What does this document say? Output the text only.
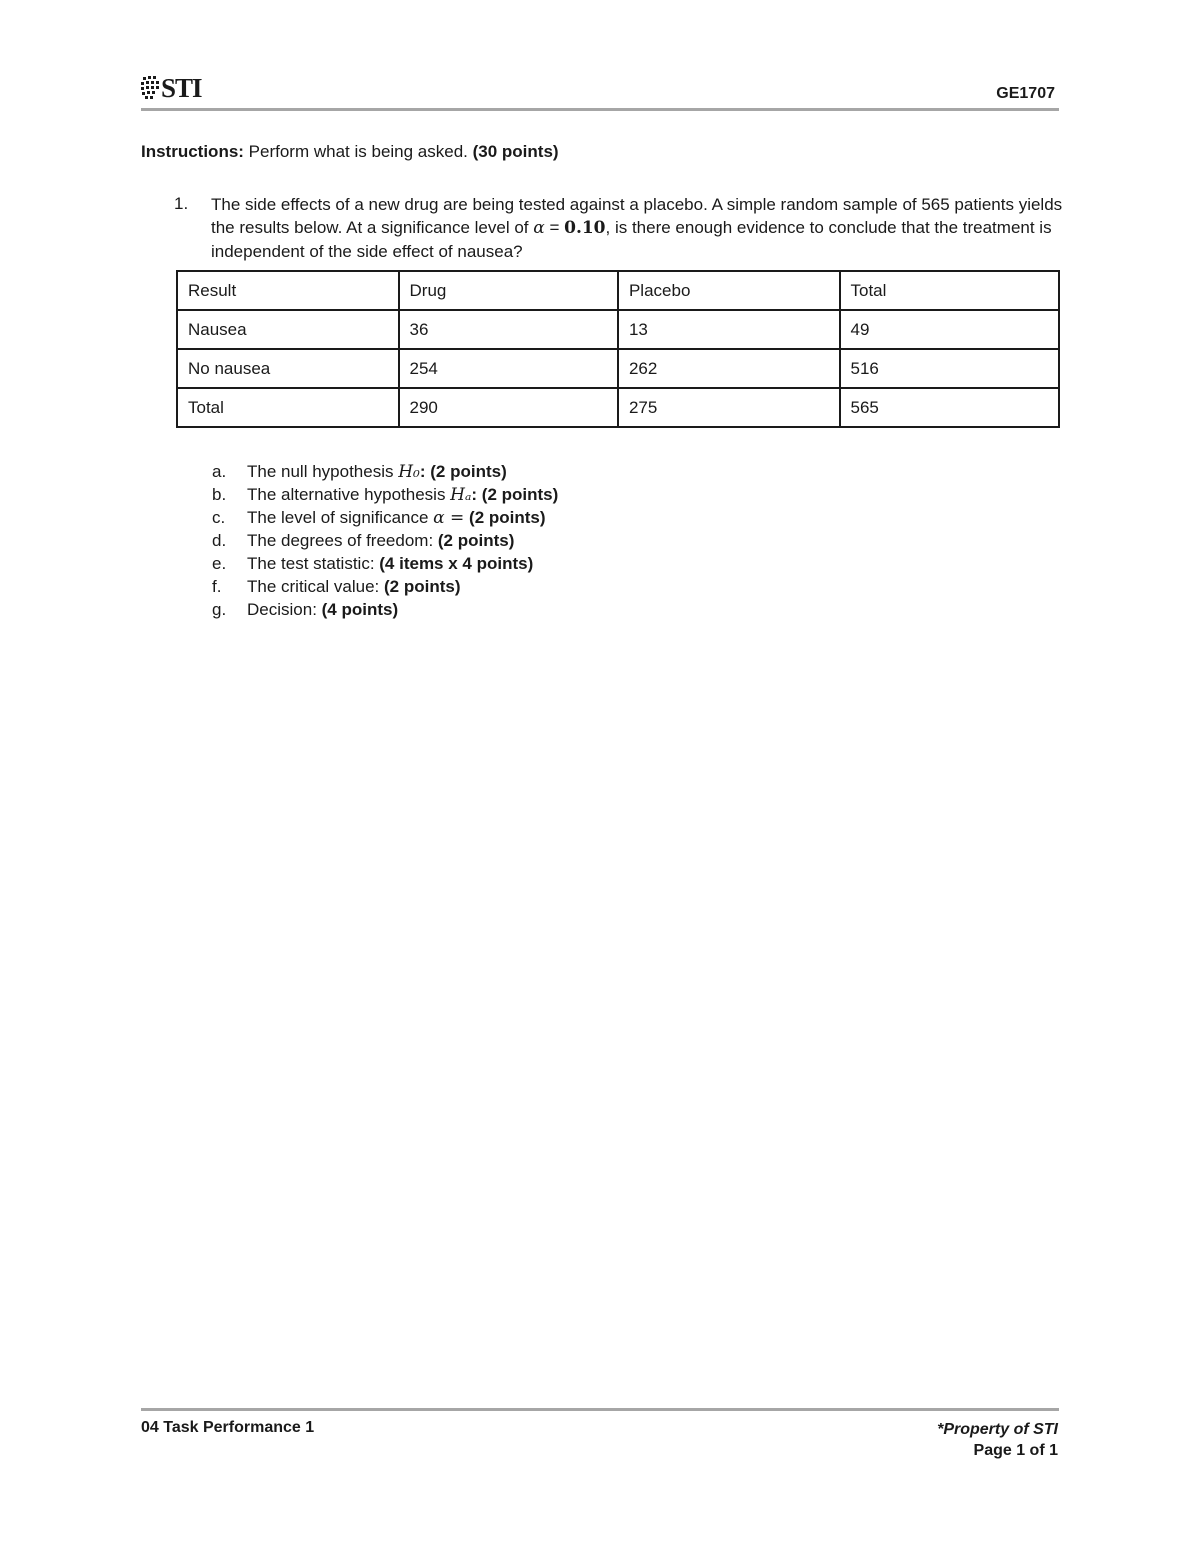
STI	GE1707
Instructions: Perform what is being asked. (30 points)
1. The side effects of a new drug are being tested against a placebo. A simple random sample of 565 patients yields the results below. At a significance level of α = 0.10, is there enough evidence to conclude that the treatment is independent of the side effect of nausea?
Result	Drug	Placebo	Total
Nausea	36	13	49
No nausea	254	262	516
Total	290	275	565
a. The null hypothesis H₀: (2 points)
b. The alternative hypothesis Hₐ: (2 points)
c. The level of significance α = (2 points)
d. The degrees of freedom: (2 points)
e. The test statistic: (4 items x 4 points)
f. The critical value: (2 points)
g. Decision: (4 points)
04 Task Performance 1	*Property of STI
Page 1 of 1
